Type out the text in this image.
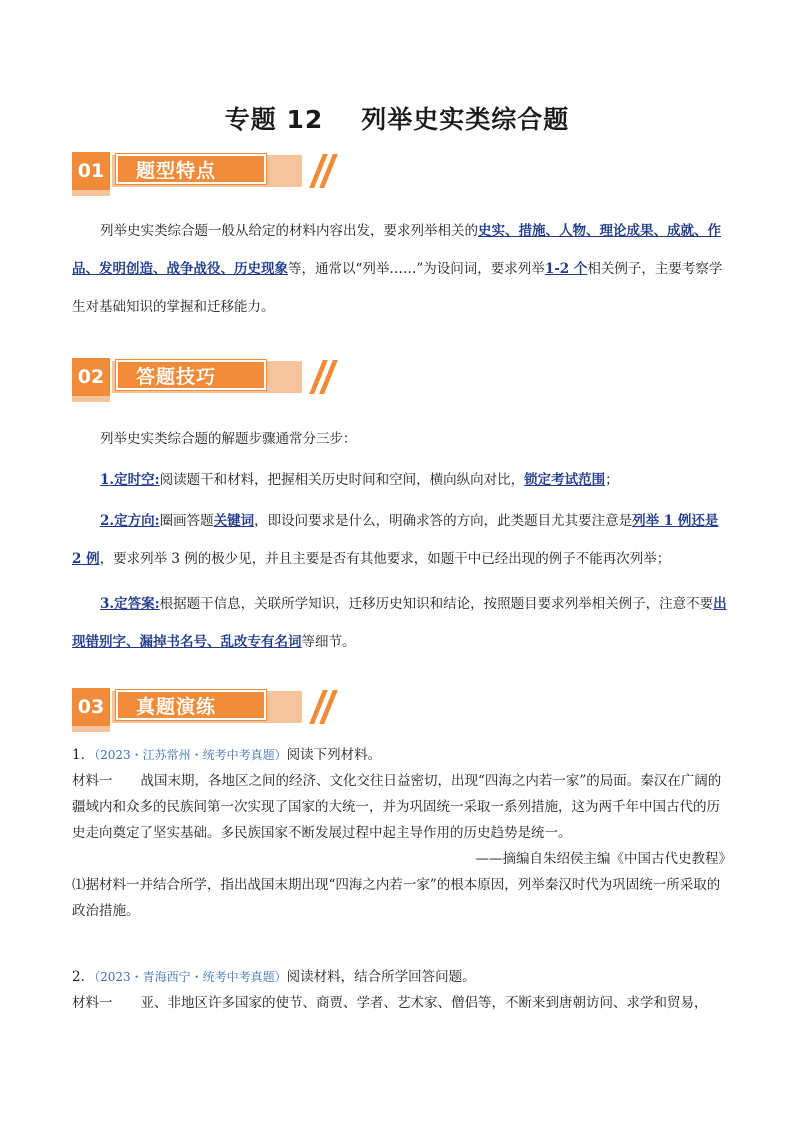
专题 12 列举史实类综合题
01	题型特点
列举史实类综合题一般从给定的材料内容出发，要求列举相关的史实、措施、人物、理论成果、成就、作品、发明创造、战争战役、历史现象等，通常以“列举……”为设问词，要求列举1-2 个相关例子，主要考察学生对基础知识的掌握和迁移能力。
02	答题技巧
列举史实类综合题的解题步骤通常分三步：
1.定时空:阅读题干和材料，把握相关历史时间和空间，横向纵向对比，锁定考试范围；
2.定方向:圈画答题关键词，即设问要求是什么，明确求答的方向，此类题目尤其要注意是列举 1 例还是 2 例，要求列举 3 例的极少见，并且主要是否有其他要求，如题干中已经出现的例子不能再次列举；
3.定答案:根据题干信息，关联所学知识，迁移历史知识和结论，按照题目要求列举相关例子，注意不要出现错别字、漏掉书名号、乱改专有名词等细节。
03	真题演练
1．（2023・江苏常州・统考中考真题）阅读下列材料。
材料一 战国末期，各地区之间的经济、文化交往日益密切，出现“四海之内若一家”的局面。秦汉在广阔的疆域内和众多的民族间第一次实现了国家的大统一，并为巩固统一采取一系列措施，这为两千年中国古代的历史走向奠定了坚实基础。多民族国家不断发展过程中起主导作用的历史趋势是统一。
——摘编自朱绍侯主编《中国古代史教程》
⑴据材料一并结合所学，指出战国末期出现“四海之内若一家”的根本原因，列举秦汉时代为巩固统一所采取的政治措施。
2．（2023・青海西宁・统考中考真题）阅读材料，结合所学回答问题。
材料一 亚、非地区许多国家的使节、商贾、学者、艺术家、僧侣等，不断来到唐朝访问、求学和贸易，
